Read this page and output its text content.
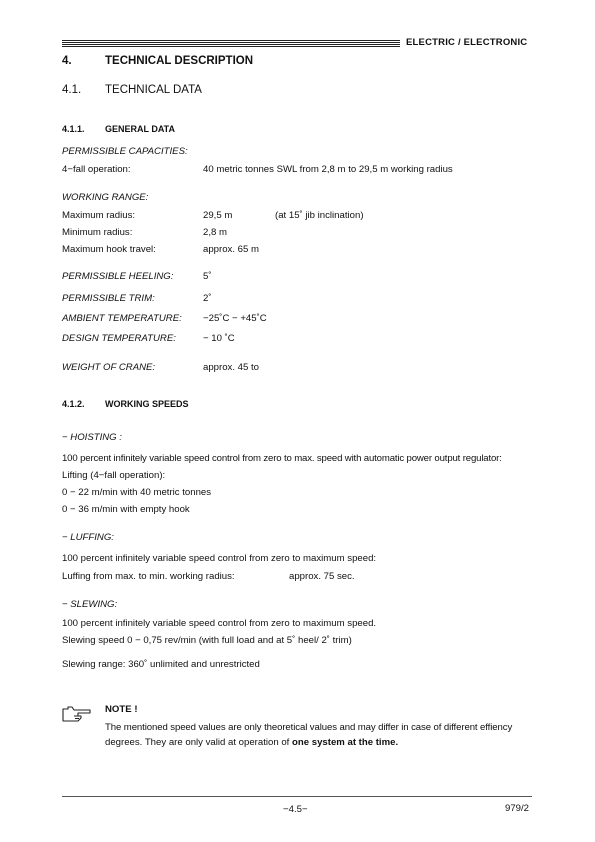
ELECTRIC / ELECTRONIC
4.	TECHNICAL DESCRIPTION
4.1. TECHNICAL DATA
4.1.1. GENERAL DATA
PERMISSIBLE CAPACITIES:
4−fall operation:	40 metric tonnes SWL from 2,8 m to 29,5 m working radius
WORKING RANGE:
Maximum radius:	29,5 m	(at 15˚ jib inclination)
Minimum radius:	2,8 m
Maximum hook travel:	approx. 65 m
PERMISSIBLE HEELING:	5˚
PERMISSIBLE TRIM:	2˚
AMBIENT TEMPERATURE: −25˚C − +45˚C
DESIGN TEMPERATURE:	− 10 ˚C
WEIGHT OF CRANE:	approx. 45 to
4.1.2. WORKING SPEEDS
− HOISTING :
100 percent infinitely variable speed control from zero to max. speed with automatic power output regulator:
Lifting (4−fall operation):
0 − 22 m/min with 40 metric tonnes
0 − 36 m/min with empty hook
− LUFFING:
100 percent infinitely variable speed control from zero to maximum speed:
Luffing from max. to min. working radius:	approx. 75 sec.
− SLEWING:
100 percent infinitely variable speed control from zero to maximum speed.
Slewing speed 0 − 0,75 rev/min (with full load and at 5˚ heel/ 2˚ trim)
Slewing range: 360˚ unlimited and unrestricted
NOTE !
The mentioned speed values are only theoretical values and may differ in case of different effiency
degrees. They are only valid at operation of one system at the time.
−4.5−	979/2
